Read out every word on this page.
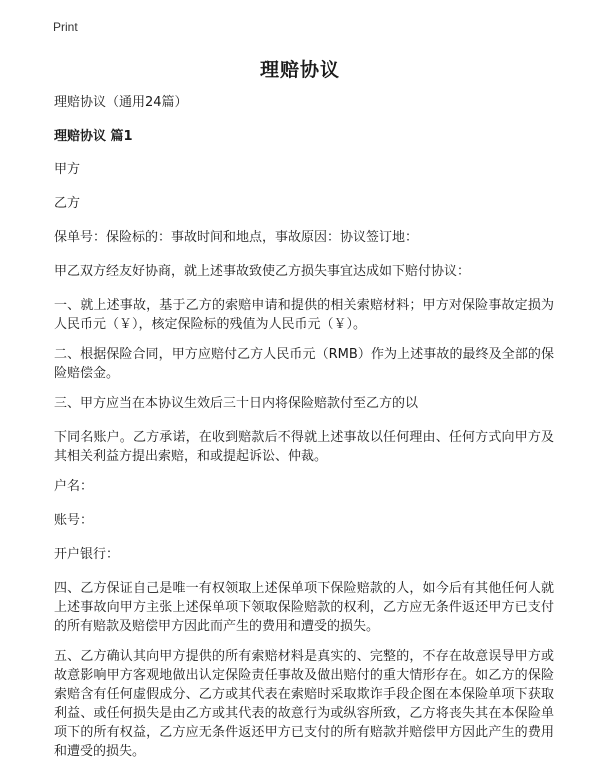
Print
理赔协议

理赔协议（通用24篇）

理赔协议 篇1

甲方

乙方

保单号：保险标的：事故时间和地点，事故原因：协议签订地：

甲乙双方经友好协商，就上述事故致使乙方损失事宜达成如下赔付协议：

一、就上述事故，基于乙方的索赔申请和提供的相关索赔材料；甲方对保险事故定损为人民币元（￥），核定保险标的残值为人民币元（￥）。

二、根据保险合同，甲方应赔付乙方人民币元（RMB）作为上述事故的最终及全部的保险赔偿金。

三、甲方应当在本协议生效后三十日内将保险赔款付至乙方的以

下同名账户。乙方承诺，在收到赔款后不得就上述事故以任何理由、任何方式向甲方及其相关利益方提出索赔，和或提起诉讼、仲裁。

户名：

账号：

开户银行：

四、乙方保证自己是唯一有权领取上述保单项下保险赔款的人，如今后有其他任何人就上述事故向甲方主张上述保单项下领取保险赔款的权利，乙方应无条件返还甲方已支付的所有赔款及赔偿甲方因此而产生的费用和遭受的损失。

五、乙方确认其向甲方提供的所有索赔材料是真实的、完整的，不存在故意误导甲方或故意影响甲方客观地做出认定保险责任事故及做出赔付的重大情形存在。如乙方的保险索赔含有任何虚假成分、乙方或其代表在索赔时采取欺诈手段企图在本保险单项下获取利益、或任何损失是由乙方或其代表的故意行为或纵容所致，乙方将丧失其在本保险单项下的所有权益，乙方应无条件返还甲方已支付的所有赔款并赔偿甲方因此产生的费用和遭受的损失。
